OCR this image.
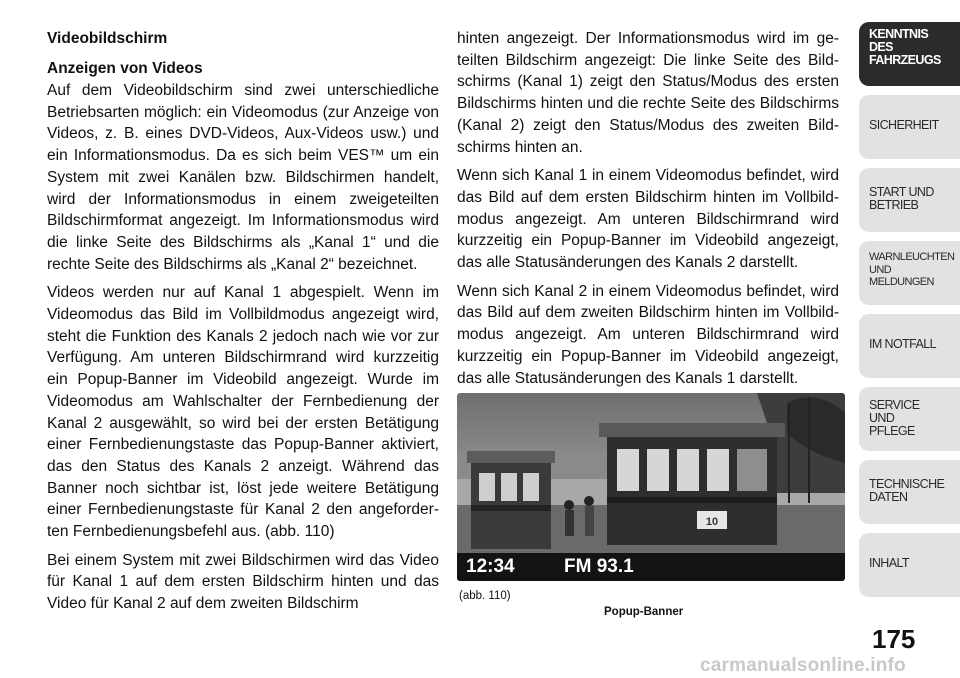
Videobildschirm
Anzeigen von Videos

Auf dem Videobildschirm sind zwei unterschiedliche Betriebsarten möglich: ein Videomodus (zur Anzeige von Videos, z. B. eines DVD-Videos, Aux-Videos usw.) und ein Informationsmodus. Da es sich beim VES™ um ein System mit zwei Kanälen bzw. Bildschirmen handelt, wird der Informationsmodus in einem zweigeteilten Bildschirmformat angezeigt. Im Informationsmodus wird die linke Seite des Bildschirms als „Kanal 1“ und die rechte Seite des Bildschirms als „Kanal 2“ bezeichnet.

Videos werden nur auf Kanal 1 abgespielt. Wenn im Videomodus das Bild im Vollbildmodus angezeigt wird, steht die Funktion des Kanals 2 jedoch nach wie vor zur Verfügung. Am unteren Bildschirmrand wird kurzzeitig ein Popup-Banner im Videobild angezeigt. Wurde im Videomodus am Wahlschalter der Fernbedienung der Kanal 2 ausgewählt, so wird bei der ersten Betätigung einer Fernbedienungstaste das Popup-Banner aktiviert, das den Status des Kanals 2 anzeigt. Während das Banner noch sichtbar ist, löst jede weitere Betätigung einer Fernbedienungstaste für Kanal 2 den angeforderten Fernbedienungsbefehl aus. (abb. 110)

Bei einem System mit zwei Bildschirmen wird das Video für Kanal 1 auf dem ersten Bildschirm hinten und das Video für Kanal 2 auf dem zweiten Bildschirm

hinten angezeigt. Der Informationsmodus wird im geteilten Bildschirm angezeigt: Die linke Seite des Bildschirms (Kanal 1) zeigt den Status/Modus des ersten Bildschirms hinten und die rechte Seite des Bildschirms (Kanal 2) zeigt den Status/Modus des zweiten Bildschirms hinten an.

Wenn sich Kanal 1 in einem Videomodus befindet, wird das Bild auf dem ersten Bildschirm hinten im Vollbildmodus angezeigt. Am unteren Bildschirmrand wird kurzzeitig ein Popup-Banner im Videobild angezeigt, das alle Statusänderungen des Kanals 2 darstellt.

Wenn sich Kanal 2 in einem Videomodus befindet, wird das Bild auf dem zweiten Bildschirm hinten im Vollbildmodus angezeigt. Am unteren Bildschirmrand wird kurzzeitig ein Popup-Banner im Videobild angezeigt, das alle Statusänderungen des Kanals 1 darstellt.

10
12:34	FM 93.1
(abb. 110)
Popup-Banner
KENNTNIS
DES
FAHRZEUGS
SICHERHEIT
START UND
BETRIEB
WARNLEUCHTEN
UND
MELDUNGEN
IM NOTFALL
SERVICE
UND
PFLEGE
TECHNISCHE
DATEN
INHALT
175
carmanualsonline.info
